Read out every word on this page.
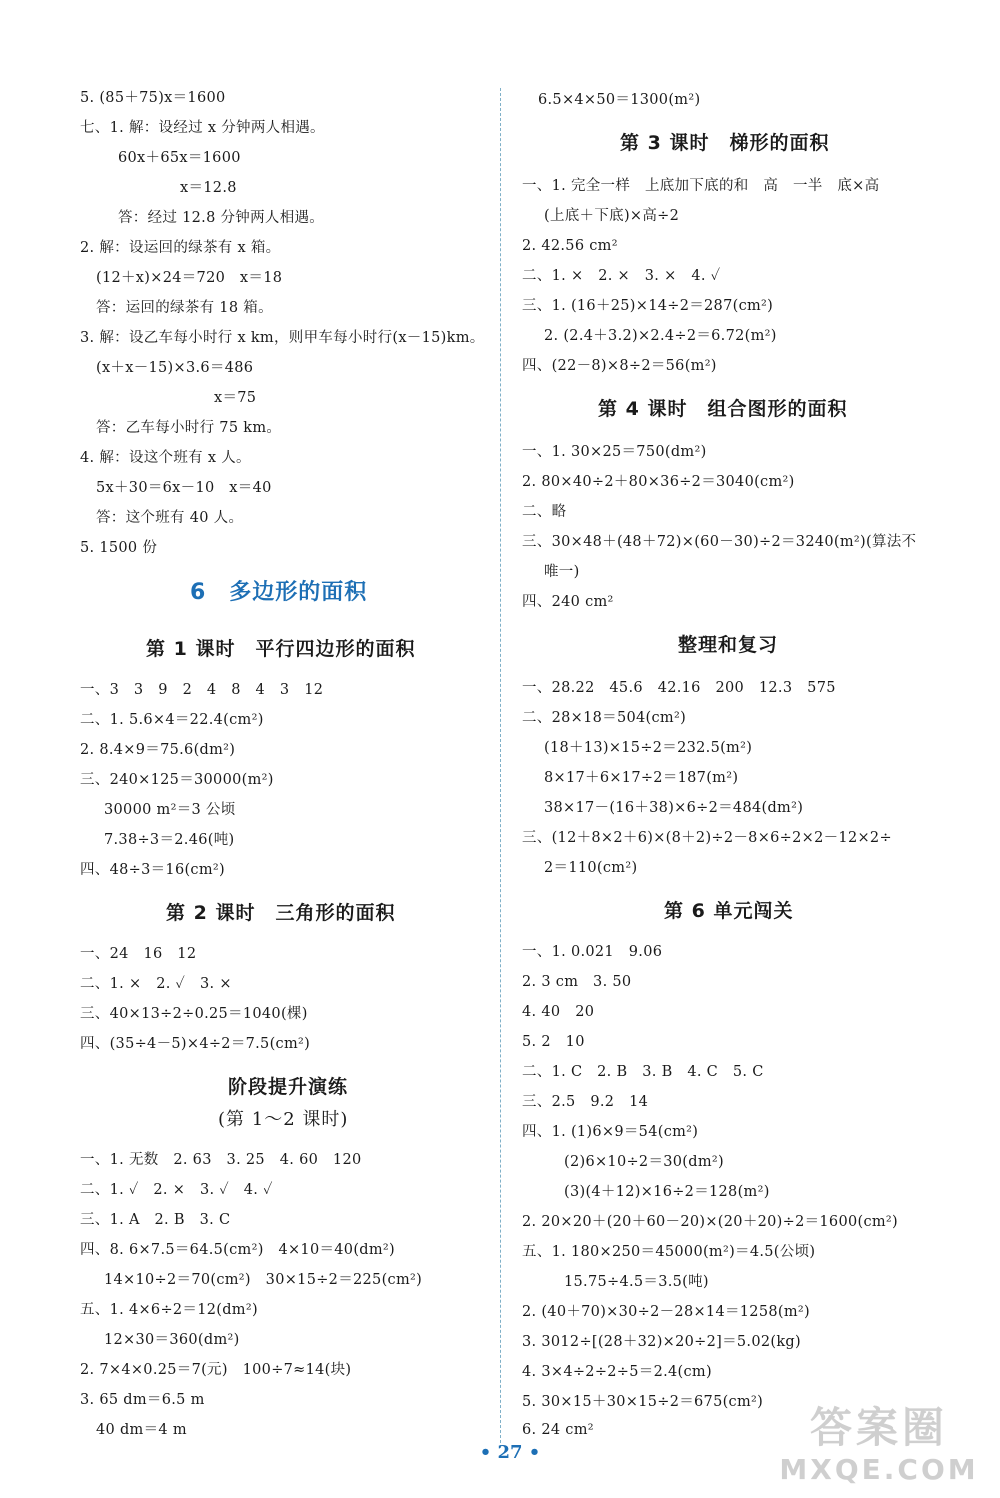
5. (85＋75)x＝1600
七、1. 解：设经过 x 分钟两人相遇。
60x＋65x＝1600
x＝12.8
答：经过 12.8 分钟两人相遇。
2. 解：设运回的绿茶有 x 箱。
(12＋x)×24＝720　x＝18
答：运回的绿茶有 18 箱。
3. 解：设乙车每小时行 x km，则甲车每小时行(x－15)km。
(x＋x－15)×3.6＝486
x＝75
答：乙车每小时行 75 km。
4. 解：设这个班有 x 人。
5x＋30＝6x－10　x＝40
答：这个班有 40 人。
5. 1500 份
6　多边形的面积
第 1 课时　平行四边形的面积
一、3　3　9　2　4　8　4　3　12
二、1. 5.6×4＝22.4(cm²)
2. 8.4×9＝75.6(dm²)
三、240×125＝30000(m²)
30000 m²＝3 公顷
7.38÷3＝2.46(吨)
四、48÷3＝16(cm²)
第 2 课时　三角形的面积
一、24　16　12
二、1. ×　2. ✓　3. ×
三、40×13÷2÷0.25＝1040(棵)
四、(35÷4－5)×4÷2＝7.5(cm²)
阶段提升演练
(第 1～2 课时)
一、1. 无数　2. 63　3. 25　4. 60　120
二、1. ✓　2. ×　3. ✓　4. ✓
三、1. A　2. B　3. C
四、8. 6×7.5＝64.5(cm²)　4×10＝40(dm²)
14×10÷2＝70(cm²)　30×15÷2＝225(cm²)
五、1. 4×6÷2＝12(dm²)
12×30＝360(dm²)
2. 7×4×0.25＝7(元)　100÷7≈14(块)
3. 65 dm＝6.5 m
40 dm＝4 m
6.5×4×50＝1300(m²)
第 3 课时　梯形的面积
一、1. 完全一样　上底加下底的和　高　一半　底×高
(上底＋下底)×高÷2
2. 42.56 cm²
二、1. ×　2. ×　3. ×　4. ✓
三、1. (16＋25)×14÷2＝287(cm²)
2. (2.4＋3.2)×2.4÷2＝6.72(m²)
四、(22－8)×8÷2＝56(m²)
第 4 课时　组合图形的面积
一、1. 30×25＝750(dm²)
2. 80×40÷2＋80×36÷2＝3040(cm²)
二、略
三、30×48＋(48＋72)×(60－30)÷2＝3240(m²)(算法不
唯一)
四、240 cm²
整理和复习
一、28.22　45.6　42.16　200　12.3　575
二、28×18＝504(cm²)
(18＋13)×15÷2＝232.5(m²)
8×17＋6×17÷2＝187(m²)
38×17－(16＋38)×6÷2＝484(dm²)
三、(12＋8×2＋6)×(8＋2)÷2－8×6÷2×2－12×2÷
2＝110(cm²)
第 6 单元闯关
一、1. 0.021　9.06
2. 3 cm　3. 50
4. 40　20
5. 2　10
二、1. C　2. B　3. B　4. C　5. C
三、2.5　9.2　14
四、1. (1)6×9＝54(cm²)
(2)6×10÷2＝30(dm²)
(3)(4＋12)×16÷2＝128(m²)
2. 20×20＋(20＋60－20)×(20＋20)÷2＝1600(cm²)
五、1. 180×250＝45000(m²)＝4.5(公顷)
15.75÷4.5＝3.5(吨)
2. (40＋70)×30÷2－28×14＝1258(m²)
3. 3012÷[(28＋32)×20÷2]＝5.02(kg)
4. 3×4÷2÷2÷5＝2.4(cm)
5. 30×15＋30×15÷2＝675(cm²)
6. 24 cm²
• 27 •
答案圈
MXQE.COM
